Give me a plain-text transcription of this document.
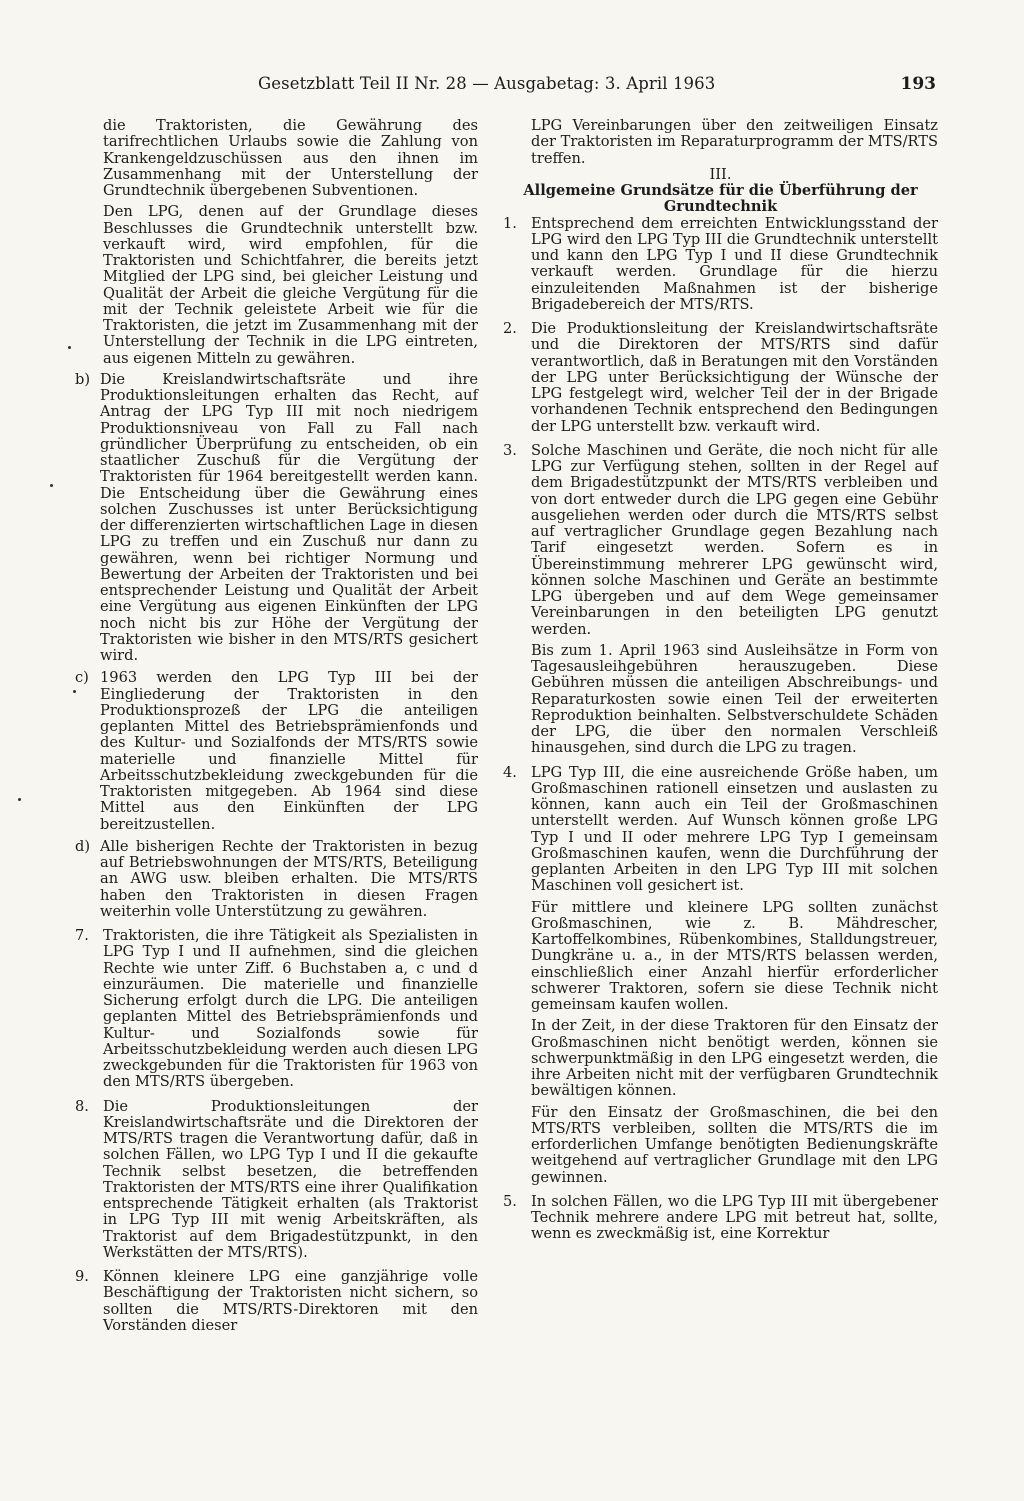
Gesetzblatt Teil II Nr. 28 — Ausgabetag: 3. April 1963	193

die Traktoristen, die Gewährung des tarifrechtlichen Urlaubs sowie die Zahlung von Krankengeldzuschüssen aus den ihnen im Zusammenhang mit der Unterstellung der Grundtechnik übergebenen Subventionen.

Den LPG, denen auf der Grundlage dieses Beschlusses die Grundtechnik unterstellt bzw. verkauft wird, wird empfohlen, für die Traktoristen und Schichtfahrer, die bereits jetzt Mitglied der LPG sind, bei gleicher Leistung und Qualität der Arbeit die gleiche Vergütung für die mit der Technik geleistete Arbeit wie für die Traktoristen, die jetzt im Zusammenhang mit der Unterstellung der Technik in die LPG eintreten, aus eigenen Mitteln zu gewähren.

b) Die Kreislandwirtschaftsräte und ihre Produktionsleitungen erhalten das Recht, auf Antrag der LPG Typ III mit noch niedrigem Produktionsniveau von Fall zu Fall nach gründlicher Überprüfung zu entscheiden, ob ein staatlicher Zuschuß für die Vergütung der Traktoristen für 1964 bereitgestellt werden kann. Die Entscheidung über die Gewährung eines solchen Zuschusses ist unter Berücksichtigung der differenzierten wirtschaftlichen Lage in diesen LPG zu treffen und ein Zuschuß nur dann zu gewähren, wenn bei richtiger Normung und Bewertung der Arbeiten der Traktoristen und bei entsprechender Leistung und Qualität der Arbeit eine Vergütung aus eigenen Einkünften der LPG noch nicht bis zur Höhe der Vergütung der Traktoristen wie bisher in den MTS/RTS gesichert wird.

c) 1963 werden den LPG Typ III bei der Eingliederung der Traktoristen in den Produktionsprozeß der LPG die anteiligen geplanten Mittel des Betriebsprämienfonds und des Kultur- und Sozialfonds der MTS/RTS sowie materielle und finanzielle Mittel für Arbeitsschutzbekleidung zweckgebunden für die Traktoristen mitgegeben. Ab 1964 sind diese Mittel aus den Einkünften der LPG bereitzustellen.

d) Alle bisherigen Rechte der Traktoristen in bezug auf Betriebswohnungen der MTS/RTS, Beteiligung an AWG usw. bleiben erhalten. Die MTS/RTS haben den Traktoristen in diesen Fragen weiterhin volle Unterstützung zu gewähren.

7. Traktoristen, die ihre Tätigkeit als Spezialisten in LPG Typ I und II aufnehmen, sind die gleichen Rechte wie unter Ziff. 6 Buchstaben a, c und d einzuräumen. Die materielle und finanzielle Sicherung erfolgt durch die LPG. Die anteiligen geplanten Mittel des Betriebsprämienfonds und Kultur- und Sozialfonds sowie für Arbeitsschutzbekleidung werden auch diesen LPG zweckgebunden für die Traktoristen für 1963 von den MTS/RTS übergeben.

8. Die Produktionsleitungen der Kreislandwirtschaftsräte und die Direktoren der MTS/RTS tragen die Verantwortung dafür, daß in solchen Fällen, wo LPG Typ I und II die gekaufte Technik selbst besetzen, die betreffenden Traktoristen der MTS/RTS eine ihrer Qualifikation entsprechende Tätigkeit erhalten (als Traktorist in LPG Typ III mit wenig Arbeitskräften, als Traktorist auf dem Brigadestützpunkt, in den Werkstätten der MTS/RTS).

9. Können kleinere LPG eine ganzjährige volle Beschäftigung der Traktoristen nicht sichern, so sollten die MTS/RTS-Direktoren mit den Vorständen dieser

LPG Vereinbarungen über den zeitweiligen Einsatz der Traktoristen im Reparaturprogramm der MTS/RTS treffen.

III.

Allgemeine Grundsätze für die Überführung der Grundtechnik

1. Entsprechend dem erreichten Entwicklungsstand der LPG wird den LPG Typ III die Grundtechnik unterstellt und kann den LPG Typ I und II diese Grundtechnik verkauft werden. Grundlage für die hierzu einzuleitenden Maßnahmen ist der bisherige Brigadebereich der MTS/RTS.

2. Die Produktionsleitung der Kreislandwirtschaftsräte und die Direktoren der MTS/RTS sind dafür verantwortlich, daß in Beratungen mit den Vorständen der LPG unter Berücksichtigung der Wünsche der LPG festgelegt wird, welcher Teil der in der Brigade vorhandenen Technik entsprechend den Bedingungen der LPG unterstellt bzw. verkauft wird.

3. Solche Maschinen und Geräte, die noch nicht für alle LPG zur Verfügung stehen, sollten in der Regel auf dem Brigadestützpunkt der MTS/RTS verbleiben und von dort entweder durch die LPG gegen eine Gebühr ausgeliehen werden oder durch die MTS/RTS selbst auf vertraglicher Grundlage gegen Bezahlung nach Tarif eingesetzt werden. Sofern es in Übereinstimmung mehrerer LPG gewünscht wird, können solche Maschinen und Geräte an bestimmte LPG übergeben und auf dem Wege gemeinsamer Vereinbarungen in den beteiligten LPG genutzt werden.

Bis zum 1. April 1963 sind Ausleihsätze in Form von Tagesausleihgebühren herauszugeben. Diese Gebühren müssen die anteiligen Abschreibungs- und Reparaturkosten sowie einen Teil der erweiterten Reproduktion beinhalten. Selbstverschuldete Schäden der LPG, die über den normalen Verschleiß hinausgehen, sind durch die LPG zu tragen.

4. LPG Typ III, die eine ausreichende Größe haben, um Großmaschinen rationell einsetzen und auslasten zu können, kann auch ein Teil der Großmaschinen unterstellt werden. Auf Wunsch können große LPG Typ I und II oder mehrere LPG Typ I gemeinsam Großmaschinen kaufen, wenn die Durchführung der geplanten Arbeiten in den LPG Typ III mit solchen Maschinen voll gesichert ist.

Für mittlere und kleinere LPG sollten zunächst Großmaschinen, wie z. B. Mähdrescher, Kartoffelkombines, Rübenkombines, Stalldungstreuer, Dungkräne u. a., in der MTS/RTS belassen werden, einschließlich einer Anzahl hierfür erforderlicher schwerer Traktoren, sofern sie diese Technik nicht gemeinsam kaufen wollen.

In der Zeit, in der diese Traktoren für den Einsatz der Großmaschinen nicht benötigt werden, können sie schwerpunktmäßig in den LPG eingesetzt werden, die ihre Arbeiten nicht mit der verfügbaren Grundtechnik bewältigen können.

Für den Einsatz der Großmaschinen, die bei den MTS/RTS verbleiben, sollten die MTS/RTS die im erforderlichen Umfange benötigten Bedienungskräfte weitgehend auf vertraglicher Grundlage mit den LPG gewinnen.

5. In solchen Fällen, wo die LPG Typ III mit übergebener Technik mehrere andere LPG mit betreut hat, sollte, wenn es zweckmäßig ist, eine Korrektur
